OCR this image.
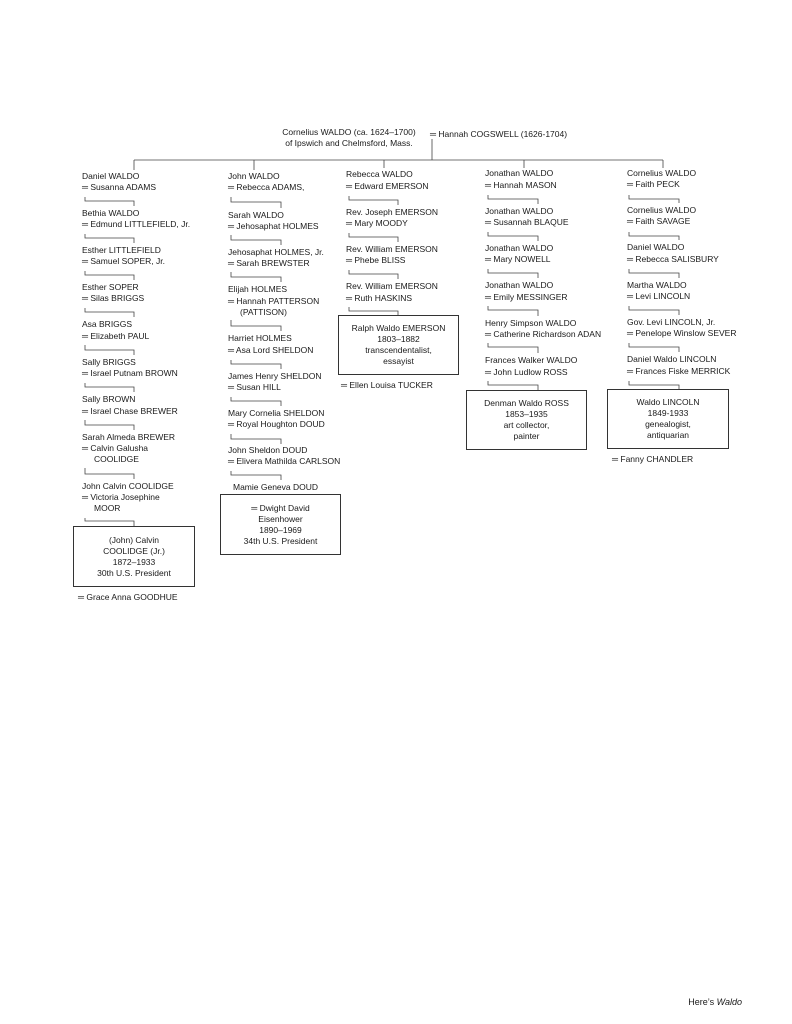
Cornelius WALDO (ca. 1624–1700)
of Ipswich and Chelmsford, Mass.
═ Hannah COGSWELL (1626-1704)
Daniel WALDO
═ Susanna ADAMS
Bethia WALDO
═ Edmund LITTLEFIELD, Jr.
Esther LITTLEFIELD
═ Samuel SOPER, Jr.
Esther SOPER
═ Silas BRIGGS
Asa BRIGGS
═ Elizabeth PAUL
Sally BRIGGS
═ Israel Putnam BROWN
Sally BROWN
═ Israel Chase BREWER
Sarah Almeda BREWER
═ Calvin Galusha
COOLIDGE
John Calvin COOLIDGE
═ Victoria Josephine
MOOR
(John) Calvin
COOLIDGE (Jr.)
1872–1933
30th U.S. President
═ Grace Anna GOODHUE
John WALDO
═ Rebecca ADAMS,
Sarah WALDO
═ Jehosaphat HOLMES
Jehosaphat HOLMES, Jr.
═ Sarah BREWSTER
Elijah HOLMES
═ Hannah PATTERSON
(PATTISON)
Harriet HOLMES
═ Asa Lord SHELDON
James Henry SHELDON
═ Susan HILL
Mary Cornelia SHELDON
═ Royal Houghton DOUD
John Sheldon DOUD
═ Elivera Mathilda CARLSON
Mamie Geneva DOUD
═ Dwight David
Eisenhower
1890–1969
34th U.S. President
Rebecca WALDO
═ Edward EMERSON
Rev. Joseph EMERSON
═ Mary MOODY
Rev. William EMERSON
═ Phebe BLISS
Rev. William EMERSON
═ Ruth HASKINS
Ralph Waldo EMERSON
1803–1882
transcendentalist,
essayist
═ Ellen Louisa TUCKER
Jonathan WALDO
═ Hannah MASON
Jonathan WALDO
═ Susannah BLAQUE
Jonathan WALDO
═ Mary NOWELL
Jonathan WALDO
═ Emily MESSINGER
Henry Simpson WALDO
═ Catherine Richardson ADAN
Frances Walker WALDO
═ John Ludlow ROSS
Denman Waldo ROSS
1853–1935
art collector,
painter
Cornelius WALDO
═ Faith PECK
Cornelius WALDO
═ Faith SAVAGE
Daniel WALDO
═ Rebecca SALISBURY
Martha WALDO
═ Levi LINCOLN
Gov. Levi LINCOLN, Jr.
═ Penelope Winslow SEVER
Daniel Waldo LINCOLN
═ Frances Fiske MERRICK
Waldo LINCOLN
1849-1933
genealogist,
antiquarian
═ Fanny CHANDLER
Here’s Waldo
